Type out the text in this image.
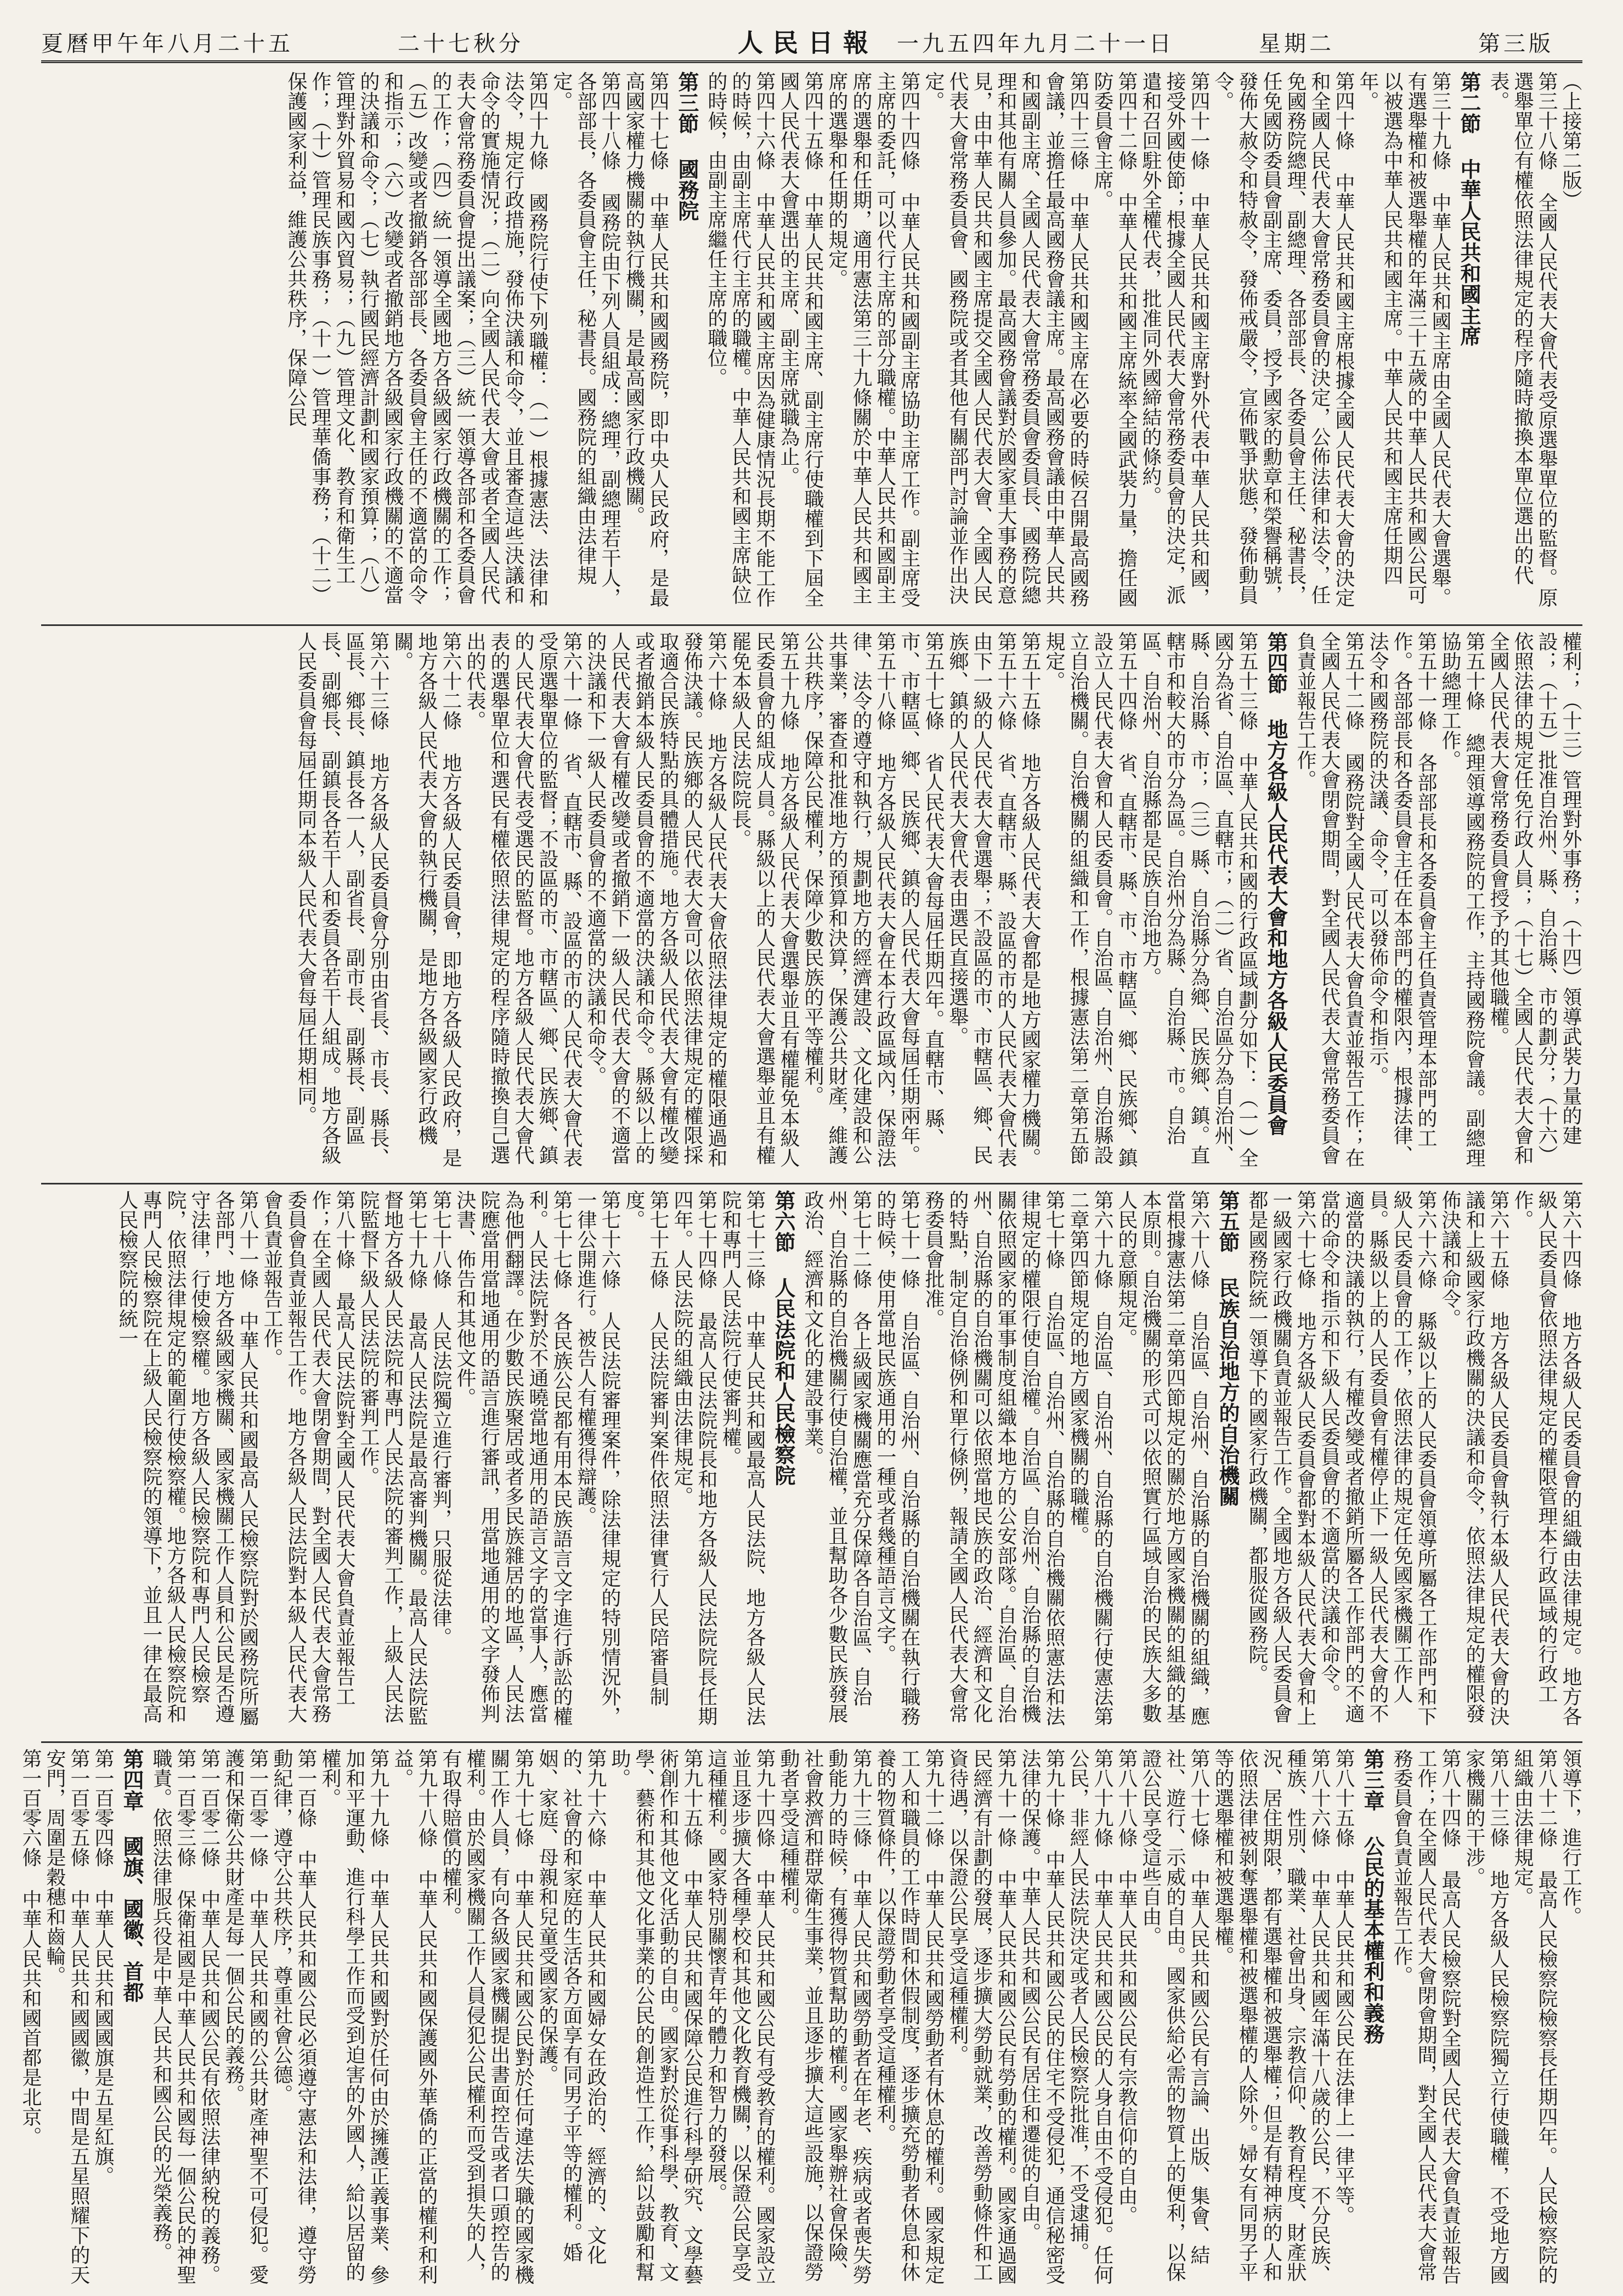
夏曆甲午年八月二十五	二十七秋分	人民日報 一九五四年九月二十一日	星期二	第三版

（上接第二版）

第三十八條 全國人民代表大會代表受原選舉單位的監督。原選舉單位有權依照法律規定的程序隨時撤換本單位選出的代表。

第二節 中華人民共和國主席

第三十九條 中華人民共和國主席由全國人民代表大會選舉。有選舉權和被選舉權的年滿三十五歲的中華人民共和國公民可以被選為中華人民共和國主席。中華人民共和國主席任期四年。

第四十條 中華人民共和國主席根據全國人民代表大會的決定和全國人民代表大會常務委員會的決定，公佈法律和法令，任免國務院總理、副總理、各部部長、各委員會主任、秘書長，任免國防委員會副主席、委員，授予國家的勳章和榮譽稱號，發佈大赦令和特赦令，發佈戒嚴令，宣佈戰爭狀態，發佈動員令。

第四十一條 中華人民共和國主席對外代表中華人民共和國，接受外國使節；根據全國人民代表大會常務委員會的決定，派遣和召回駐外全權代表，批准同外國締結的條約。

第四十二條 中華人民共和國主席統率全國武裝力量，擔任國防委員會主席。

第四十三條 中華人民共和國主席在必要的時候召開最高國務會議，並擔任最高國務會議主席。最高國務會議由中華人民共和國副主席、全國人民代表大會常務委員會委員長、國務院總理和其他有關人員參加。最高國務會議對於國家重大事務的意見，由中華人民共和國主席提交全國人民代表大會、全國人民代表大會常務委員會、國務院或者其他有關部門討論並作出決定。

第四十四條 中華人民共和國副主席協助主席工作。副主席受主席的委託，可以代行主席的部分職權。中華人民共和國副主席的選舉和任期，適用憲法第三十九條關於中華人民共和國主席的選舉和任期的規定。

第四十五條 中華人民共和國主席、副主席行使職權到下屆全國人民代表大會選出的主席、副主席就職為止。

第四十六條 中華人民共和國主席因為健康情況長期不能工作的時候，由副主席代行主席的職權。中華人民共和國主席缺位的時候，由副主席繼任主席的職位。

第三節 國務院

第四十七條 中華人民共和國國務院，即中央人民政府，是最高國家權力機關的執行機關，是最高國家行政機關。

第四十八條 國務院由下列人員組成：總理，副總理若干人，各部部長，各委員會主任，秘書長。國務院的組織由法律規定。

第四十九條 國務院行使下列職權：（一）根據憲法、法律和法令，規定行政措施，發佈決議和命令，並且審查這些決議和命令的實施情況；（二）向全國人民代表大會或者全國人民代表大會常務委員會提出議案；（三）統一領導各部和各委員會的工作；（四）統一領導全國地方各級國家行政機關的工作；（五）改變或者撤銷各部部長、各委員會主任的不適當的命令和指示；（六）改變或者撤銷地方各級國家行政機關的不適當的決議和命令；（七）執行國民經濟計劃和國家預算；（八）管理對外貿易和國內貿易；（九）管理文化、教育和衛生工作；（十）管理民族事務；（十一）管理華僑事務；（十二）保護國家利益，維護公共秩序，保障公民

權利；（十三）管理對外事務；（十四）領導武裝力量的建設；（十五）批准自治州、縣、自治縣、市的劃分；（十六）依照法律的規定任免行政人員；（十七）全國人民代表大會和全國人民代表大會常務委員會授予的其他職權。

第五十條 總理領導國務院的工作，主持國務院會議。副總理協助總理工作。

第五十一條 各部部長和各委員會主任負責管理本部門的工作。各部部長和各委員會主任在本部門的權限內，根據法律、法令和國務院的決議、命令，可以發佈命令和指示。

第五十二條 國務院對全國人民代表大會負責並報告工作；在全國人民代表大會閉會期間，對全國人民代表大會常務委員會負責並報告工作。

第四節 地方各級人民代表大會和地方各級人民委員會

第五十三條 中華人民共和國的行政區域劃分如下：（一）全國分為省、自治區、直轄市；（二）省、自治區分為自治州、縣、自治縣、市；（三）縣、自治縣分為鄉、民族鄉、鎮。直轄市和較大的市分為區。自治州分為縣、自治縣、市。自治區、自治州、自治縣都是民族自治地方。

第五十四條 省、直轄市、縣、市、市轄區、鄉、民族鄉、鎮設立人民代表大會和人民委員會。自治區、自治州、自治縣設立自治機關。自治機關的組織和工作，根據憲法第二章第五節規定。

第五十五條 地方各級人民代表大會都是地方國家權力機關。

第五十六條 省、直轄市、縣、設區的市的人民代表大會代表由下一級的人民代表大會選舉；不設區的市、市轄區、鄉、民族鄉、鎮的人民代表大會代表由選民直接選舉。

第五十七條 省人民代表大會每屆任期四年。直轄市、縣、市、市轄區、鄉、民族鄉、鎮的人民代表大會每屆任期兩年。

第五十八條 地方各級人民代表大會在本行政區域內，保證法律、法令的遵守和執行，規劃地方的經濟建設、文化建設和公共事業，審查和批准地方的預算和決算，保護公共財產，維護公共秩序，保障公民權利，保障少數民族的平等權利。

第五十九條 地方各級人民代表大會選舉並且有權罷免本級人民委員會的組成人員。縣級以上的人民代表大會選舉並且有權罷免本級人民法院院長。

第六十條 地方各級人民代表大會依照法律規定的權限通過和發佈決議。民族鄉的人民代表大會可以依照法律規定的權限採取適合民族特點的具體措施。地方各級人民代表大會有權改變或者撤銷本級人民委員會的不適當的決議和命令。縣級以上的人民代表大會有權改變或者撤銷下一級人民代表大會的不適當的決議和下一級人民委員會的不適當的決議和命令。

第六十一條 省、直轄市、縣、設區的市的人民代表大會代表受原選舉單位的監督；不設區的市、市轄區、鄉、民族鄉、鎮的人民代表大會代表受選民的監督。地方各級人民代表大會代表的選舉單位和選民有權依照法律規定的程序隨時撤換自己選出的代表。

第六十二條 地方各級人民委員會，即地方各級人民政府，是地方各級人民代表大會的執行機關，是地方各級國家行政機關。

第六十三條 地方各級人民委員會分別由省長、市長、縣長、區長、鄉長、鎮長各一人，副省長、副市長、副縣長、副區長、副鄉長、副鎮長各若干人和委員各若干人組成。地方各級人民委員會每屆任期同本級人民代表大會每屆任期相同。

第六十四條 地方各級人民委員會的組織由法律規定。地方各級人民委員會依照法律規定的權限管理本行政區域的行政工作。

第六十五條 地方各級人民委員會執行本級人民代表大會的決議和上級國家行政機關的決議和命令，依照法律規定的權限發佈決議和命令。

第六十六條 縣級以上的人民委員會領導所屬各工作部門和下級人民委員會的工作，依照法律的規定任免國家機關工作人員。縣級以上的人民委員會有權停止下一級人民代表大會的不適當的決議的執行，有權改變或者撤銷所屬各工作部門的不適當的命令和指示和下級人民委員會的不適當的決議和命令。

第六十七條 地方各級人民委員會都對本級人民代表大會和上一級國家行政機關負責並報告工作。全國地方各級人民委員會都是國務院統一領導下的國家行政機關，都服從國務院。

第五節 民族自治地方的自治機關

第六十八條 自治區、自治州、自治縣的自治機關的組織，應當根據憲法第二章第四節規定的關於地方國家機關的組織的基本原則。自治機關的形式可以依照實行區域自治的民族大多數人民的意願規定。

第六十九條 自治區、自治州、自治縣的自治機關行使憲法第二章第四節規定的地方國家機關的職權。

第七十條 自治區、自治州、自治縣的自治機關依照憲法和法律規定的權限行使自治權。自治區、自治州、自治縣的自治機關依照國家的軍事制度組織本地方的公安部隊。自治區、自治州、自治縣的自治機關可以依照當地民族的政治、經濟和文化的特點，制定自治條例和單行條例，報請全國人民代表大會常務委員會批准。

第七十一條 自治區、自治州、自治縣的自治機關在執行職務的時候，使用當地民族通用的一種或者幾種語言文字。

第七十二條 各上級國家機關應當充分保障各自治區、自治州、自治縣的自治機關行使自治權，並且幫助各少數民族發展政治、經濟和文化的建設事業。

第六節 人民法院和人民檢察院

第七十三條 中華人民共和國最高人民法院、地方各級人民法院和專門人民法院行使審判權。

第七十四條 最高人民法院院長和地方各級人民法院院長任期四年。人民法院的組織由法律規定。

第七十五條 人民法院審判案件依照法律實行人民陪審員制度。

第七十六條 人民法院審理案件，除法律規定的特別情況外，一律公開進行。被告人有權獲得辯護。

第七十七條 各民族公民都有用本民族語言文字進行訴訟的權利。人民法院對於不通曉當地通用的語言文字的當事人，應當為他們翻譯。在少數民族聚居或者多民族雜居的地區，人民法院應當用當地通用的語言進行審訊，用當地通用的文字發佈判決書、佈告和其他文件。

第七十八條 人民法院獨立進行審判，只服從法律。

第七十九條 最高人民法院是最高審判機關。最高人民法院監督地方各級人民法院和專門人民法院的審判工作，上級人民法院監督下級人民法院的審判工作。

第八十條 最高人民法院對全國人民代表大會負責並報告工作；在全國人民代表大會閉會期間，對全國人民代表大會常務委員會負責並報告工作。地方各級人民法院對本級人民代表大會負責並報告工作。

第八十一條 中華人民共和國最高人民檢察院對於國務院所屬各部門、地方各級國家機關、國家機關工作人員和公民是否遵守法律，行使檢察權。地方各級人民檢察院和專門人民檢察院，依照法律規定的範圍行使檢察權。地方各級人民檢察院和專門人民檢察院在上級人民檢察院的領導下，並且一律在最高人民檢察院的統一

領導下，進行工作。

第八十二條 最高人民檢察院檢察長任期四年。人民檢察院的組織由法律規定。

第八十三條 地方各級人民檢察院獨立行使職權，不受地方國家機關的干涉。

第八十四條 最高人民檢察院對全國人民代表大會負責並報告工作；在全國人民代表大會閉會期間，對全國人民代表大會常務委員會負責並報告工作。

第三章 公民的基本權利和義務

第八十五條 中華人民共和國公民在法律上一律平等。

第八十六條 中華人民共和國年滿十八歲的公民，不分民族、種族、性別、職業、社會出身、宗教信仰、教育程度、財產狀況、居住期限，都有選舉權和被選舉權；但是有精神病的人和依照法律被剝奪選舉權和被選舉權的人除外。婦女有同男子平等的選舉權和被選舉權。

第八十七條 中華人民共和國公民有言論、出版、集會、結社、遊行、示威的自由。國家供給必需的物質上的便利，以保證公民享受這些自由。

第八十八條 中華人民共和國公民有宗教信仰的自由。

第八十九條 中華人民共和國公民的人身自由不受侵犯。任何公民，非經人民法院決定或者人民檢察院批准，不受逮捕。

第九十條 中華人民共和國公民的住宅不受侵犯，通信秘密受法律的保護。中華人民共和國公民有居住和遷徙的自由。

第九十一條 中華人民共和國公民有勞動的權利。國家通過國民經濟有計劃的發展，逐步擴大勞動就業，改善勞動條件和工資待遇，以保證公民享受這種權利。

第九十二條 中華人民共和國勞動者有休息的權利。國家規定工人和職員的工作時間和休假制度，逐步擴充勞動者休息和休養的物質條件，以保證勞動者享受這種權利。

第九十三條 中華人民共和國勞動者在年老、疾病或者喪失勞動能力的時候，有獲得物質幫助的權利。國家舉辦社會保險、社會救濟和群眾衛生事業，並且逐步擴大這些設施，以保證勞動者享受這種權利。

第九十四條 中華人民共和國公民有受教育的權利。國家設立並且逐步擴大各種學校和其他文化教育機關，以保證公民享受這種權利。國家特別關懷青年的體力和智力的發展。

第九十五條 中華人民共和國保障公民進行科學研究、文學藝術創作和其他文化活動的自由。國家對於從事科學、教育、文學、藝術和其他文化事業的公民的創造性工作，給以鼓勵和幫助。

第九十六條 中華人民共和國婦女在政治的、經濟的、文化的、社會的和家庭的生活各方面享有同男子平等的權利。婚姻、家庭、母親和兒童受國家的保護。

第九十七條 中華人民共和國公民對於任何違法失職的國家機關工作人員，有向各級國家機關提出書面控告或者口頭控告的權利。由於國家機關工作人員侵犯公民權利而受到損失的人，有取得賠償的權利。

第九十八條 中華人民共和國保護國外華僑的正當的權利和利益。

第九十九條 中華人民共和國對於任何由於擁護正義事業、參加和平運動、進行科學工作而受到迫害的外國人，給以居留的權利。

第一百條 中華人民共和國公民必須遵守憲法和法律，遵守勞動紀律，遵守公共秩序，尊重社會公德。

第一百零一條 中華人民共和國的公共財產神聖不可侵犯。愛護和保衛公共財產是每一個公民的義務。

第一百零二條 中華人民共和國公民有依照法律納稅的義務。

第一百零三條 保衛祖國是中華人民共和國每一個公民的神聖職責。依照法律服兵役是中華人民共和國公民的光榮義務。

第四章 國旗、國徽、首都

第一百零四條 中華人民共和國國旗是五星紅旗。

第一百零五條 中華人民共和國國徽，中間是五星照耀下的天安門，周圍是穀穗和齒輪。

第一百零六條 中華人民共和國首都是北京。
